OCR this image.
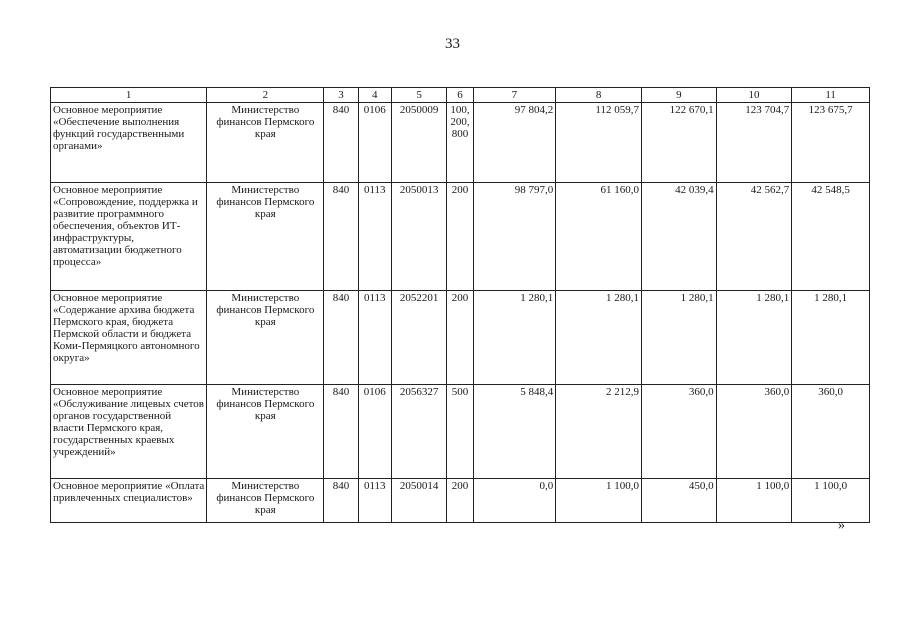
33
1	2	3	4	5	6	7	8	9	10	11
Основное мероприятие «Обеспечение выполнения функций государственными органами»	Министерство финансов Пермского края	840	0106	2050009	100, 200, 800	97 804,2	112 059,7	122 670,1	123 704,7	123 675,7
Основное мероприятие «Сопровождение, поддержка и развитие программного обеспечения, объектов ИТ-инфраструктуры, автоматизации бюджетного процесса»	Министерство финансов Пермского края	840	0113	2050013	200	98 797,0	61 160,0	42 039,4	42 562,7	42 548,5
Основное мероприятие «Содержание архива бюджета Пермского края, бюджета Пермской области и бюджета Коми-Пермяцкого автономного округа»	Министерство финансов Пермского края	840	0113	2052201	200	1 280,1	1 280,1	1 280,1	1 280,1	1 280,1
Основное мероприятие «Обслуживание лицевых счетов органов государственной власти Пермского края, государственных краевых учреждений»	Министерство финансов Пермского края	840	0106	2056327	500	5 848,4	2 212,9	360,0	360,0	360,0
Основное мероприятие «Оплата привлеченных специалистов»	Министерство финансов Пермского края	840	0113	2050014	200	0,0	1 100,0	450,0	1 100,0	1 100,0
»
